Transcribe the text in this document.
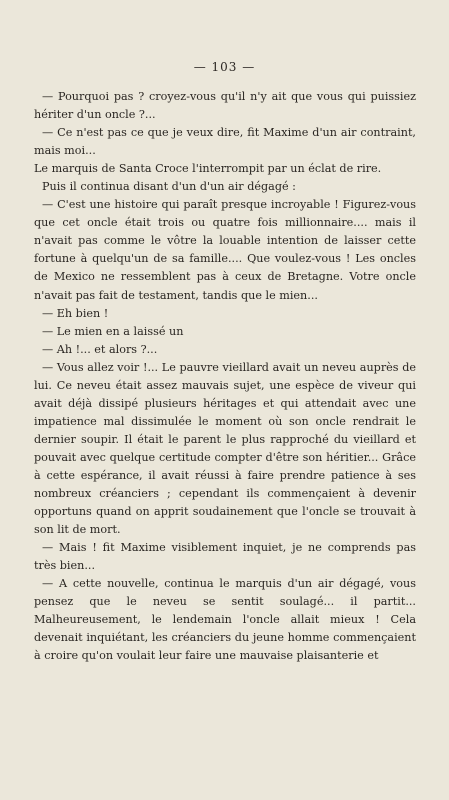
— 103 —

— Pourquoi pas ? croyez-vous qu'il n'y ait que vous qui puissiez hériter d'un oncle ?...

— Ce n'est pas ce que je veux dire, fit Maxime d'un air contraint, mais moi...

Le marquis de Santa Croce l'interrompit par un éclat de rire.

Puis il continua disant d'un d'un air dégagé :

— C'est une histoire qui paraît presque incroyable ! Figurez-vous que cet oncle était trois ou quatre fois millionnaire.... mais il n'avait pas comme le vôtre la louable intention de laisser cette fortune à quelqu'un de sa famille.... Que voulez-vous ! Les oncles de Mexico ne ressemblent pas à ceux de Bretagne. Votre oncle n'avait pas fait de testament, tandis que le mien...

— Eh bien !

— Le mien en a laissé un

— Ah !... et alors ?...

— Vous allez voir !... Le pauvre vieillard avait un neveu auprès de lui. Ce neveu était assez mauvais sujet, une espèce de viveur qui avait déjà dissipé plusieurs héritages et qui attendait avec une impatience mal dissimulée le moment où son oncle rendrait le dernier soupir. Il était le parent le plus rapproché du vieillard et pouvait avec quelque certitude compter d'être son héritier... Grâce à cette espérance, il avait réussi à faire prendre patience à ses nombreux créanciers ; cependant ils commençaient à devenir opportuns quand on apprit soudainement que l'oncle se trouvait à son lit de mort.

— Mais ! fit Maxime visiblement inquiet, je ne comprends pas très bien...

— A cette nouvelle, continua le marquis d'un air dégagé, vous pensez que le neveu se sentit soulagé... il partit... Malheureusement, le lendemain l'oncle allait mieux ! Cela devenait inquiétant, les créanciers du jeune homme commençaient à croire qu'on voulait leur faire une mauvaise plaisanterie et
